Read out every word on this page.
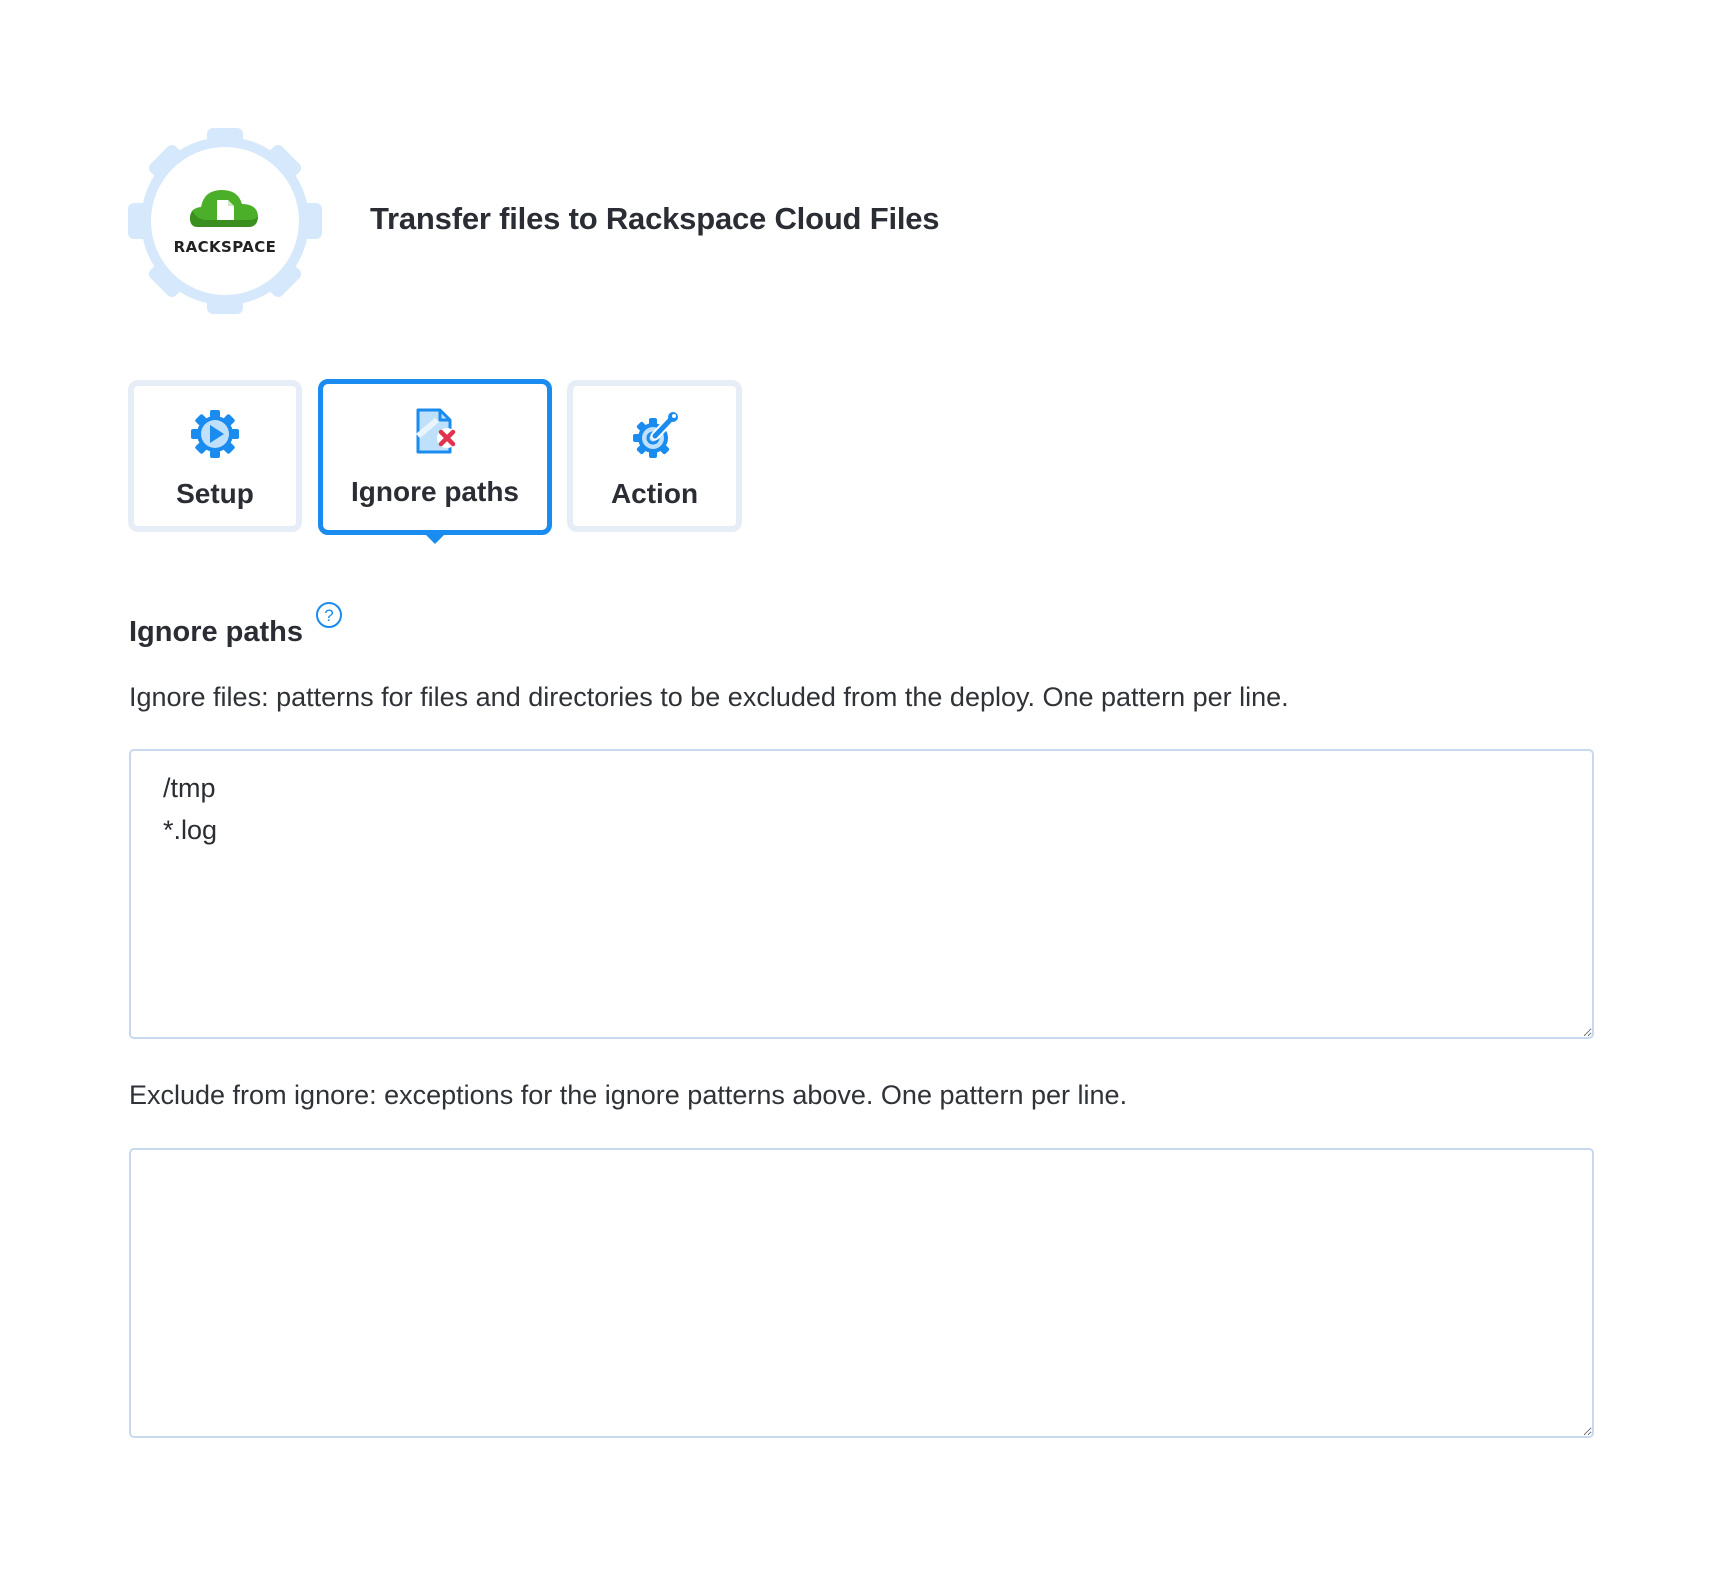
RACKSPACE
Transfer files to Rackspace Cloud Files
Setup	Ignore paths	Action
Ignore paths
?
Ignore files: patterns for files and directories to be excluded from the deploy. One pattern per line.
/tmp *.log
Exclude from ignore: exceptions for the ignore patterns above. One pattern per line.
